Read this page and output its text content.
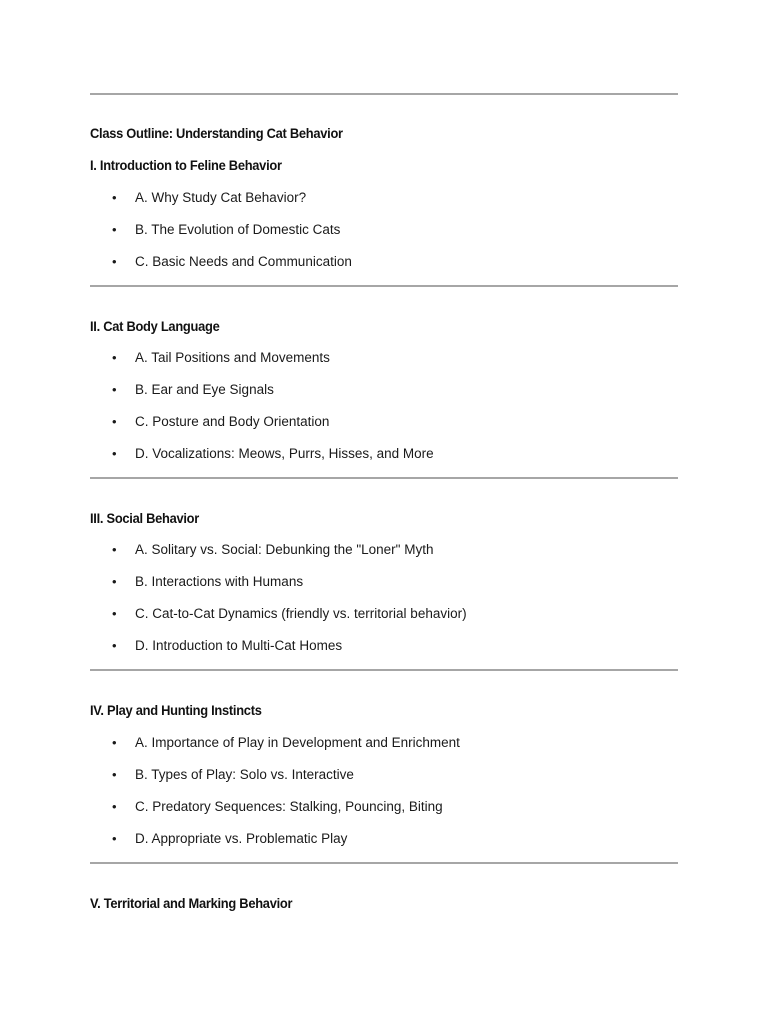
Class Outline: Understanding Cat Behavior
I. Introduction to Feline Behavior
• A. Why Study Cat Behavior?
• B. The Evolution of Domestic Cats
• C. Basic Needs and Communication
II. Cat Body Language
• A. Tail Positions and Movements
• B. Ear and Eye Signals
• C. Posture and Body Orientation
• D. Vocalizations: Meows, Purrs, Hisses, and More
III. Social Behavior
• A. Solitary vs. Social: Debunking the "Loner" Myth
• B. Interactions with Humans
• C. Cat-to-Cat Dynamics (friendly vs. territorial behavior)
• D. Introduction to Multi-Cat Homes
IV. Play and Hunting Instincts
• A. Importance of Play in Development and Enrichment
• B. Types of Play: Solo vs. Interactive
• C. Predatory Sequences: Stalking, Pouncing, Biting
• D. Appropriate vs. Problematic Play
V. Territorial and Marking Behavior
